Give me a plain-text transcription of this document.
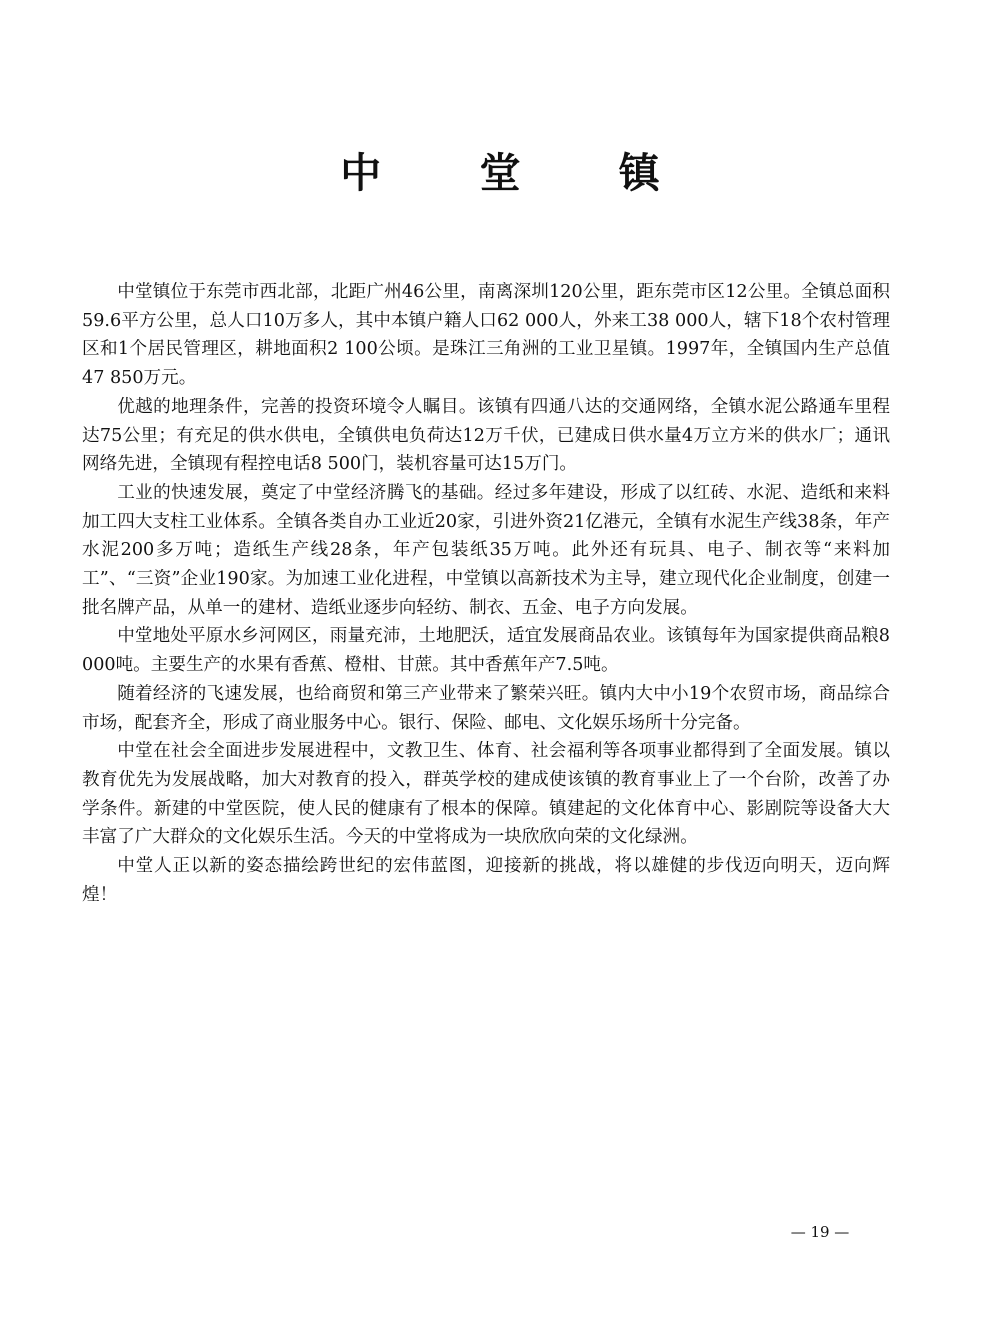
中 堂 镇

中堂镇位于东莞市西北部，北距广州46公里，南离深圳120公里，距东莞市区12公里。全镇总面积59.6平方公里，总人口10万多人，其中本镇户籍人口62 000人，外来工38 000人，辖下18个农村管理区和1个居民管理区，耕地面积2 100公顷。是珠江三角洲的工业卫星镇。1997年，全镇国内生产总值47 850万元。

优越的地理条件，完善的投资环境令人瞩目。该镇有四通八达的交通网络，全镇水泥公路通车里程达75公里；有充足的供水供电，全镇供电负荷达12万千伏，已建成日供水量4万立方米的供水厂；通讯网络先进，全镇现有程控电话8 500门，装机容量可达15万门。

工业的快速发展，奠定了中堂经济腾飞的基础。经过多年建设，形成了以红砖、水泥、造纸和来料加工四大支柱工业体系。全镇各类自办工业近20家，引进外资21亿港元，全镇有水泥生产线38条，年产水泥200多万吨；造纸生产线28条，年产包装纸35万吨。此外还有玩具、电子、制衣等“来料加工”、“三资”企业190家。为加速工业化进程，中堂镇以高新技术为主导，建立现代化企业制度，创建一批名牌产品，从单一的建材、造纸业逐步向轻纺、制衣、五金、电子方向发展。

中堂地处平原水乡河网区，雨量充沛，土地肥沃，适宜发展商品农业。该镇每年为国家提供商品粮8 000吨。主要生产的水果有香蕉、橙柑、甘蔗。其中香蕉年产7.5吨。

随着经济的飞速发展，也给商贸和第三产业带来了繁荣兴旺。镇内大中小19个农贸市场，商品综合市场，配套齐全，形成了商业服务中心。银行、保险、邮电、文化娱乐场所十分完备。

中堂在社会全面进步发展进程中，文教卫生、体育、社会福利等各项事业都得到了全面发展。镇以教育优先为发展战略，加大对教育的投入，群英学校的建成使该镇的教育事业上了一个台阶，改善了办学条件。新建的中堂医院，使人民的健康有了根本的保障。镇建起的文化体育中心、影剧院等设备大大丰富了广大群众的文化娱乐生活。今天的中堂将成为一块欣欣向荣的文化绿洲。

中堂人正以新的姿态描绘跨世纪的宏伟蓝图，迎接新的挑战，将以雄健的步伐迈向明天，迈向辉煌！

— 19 —
